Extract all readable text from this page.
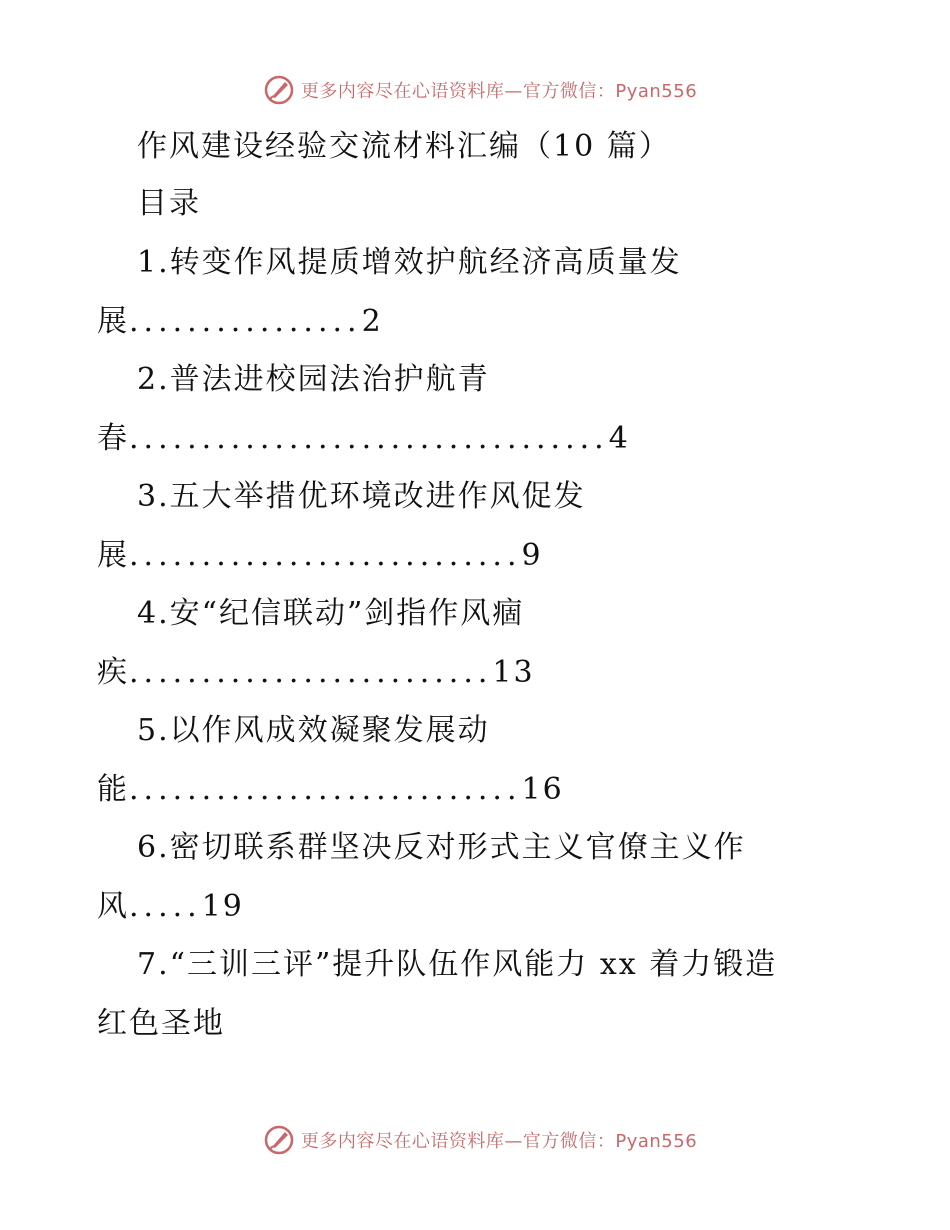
更多内容尽在心语资料库—官方微信：Pyan556
作风建设经验交流材料汇编（10 篇）
目录
1.转变作风提质增效护航经济高质量发
展................2
2.普法进校园法治护航青
春.................................4
3.五大举措优环境改进作风促发
展...........................9
4.安“纪信联动”剑指作风痼
疾.........................13
5.以作风成效凝聚发展动
能...........................16
6.密切联系群坚决反对形式主义官僚主义作
风.....19
7.“三训三评”提升队伍作风能力 xx 着力锻造
红色圣地
更多内容尽在心语资料库—官方微信：Pyan556
